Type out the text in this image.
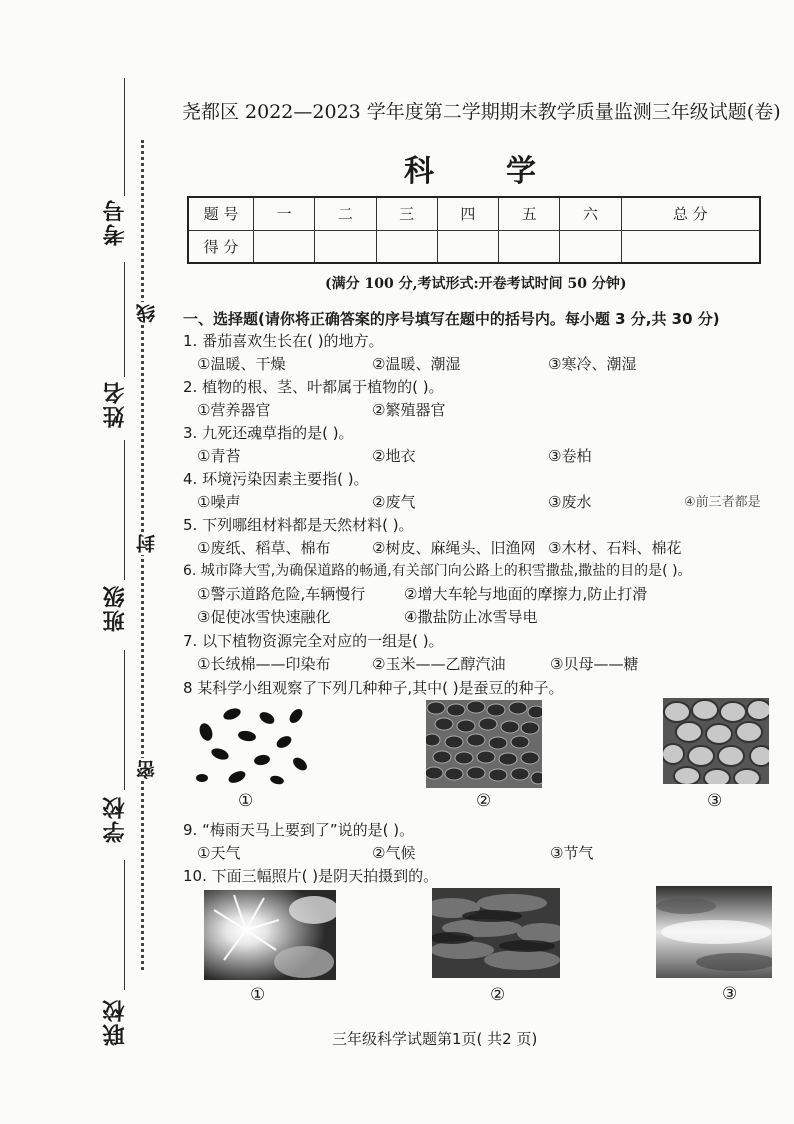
考号
姓名
班级
学校
联校
线
封
密
尧都区 2022—2023 学年度第二学期期末教学质量监测三年级试题(卷)
科学
题 号	一	二	三	四	五	六	总 分
得 分							
(满分 100 分,考试形式:开卷考试时间 50 分钟)
一、选择题(请你将正确答案的序号填写在题中的括号内。每小题 3 分,共 30 分)
1. 番茄喜欢生长在( )的地方。
①温暖、干燥	②温暖、潮湿	③寒冷、潮湿
2. 植物的根、茎、叶都属于植物的( )。
①营养器官	②繁殖器官
3. 九死还魂草指的是( )。
①青苔	②地衣	③卷柏
4. 环境污染因素主要指( )。
①噪声	②废气	③废水	④前三者都是
5. 下列哪组材料都是天然材料( )。
①废纸、稻草、棉布	②树皮、麻绳头、旧渔网 ③木材、石料、棉花
6. 城市降大雪,为确保道路的畅通,有关部门向公路上的积雪撒盐,撒盐的目的是( )。
①警示道路危险,车辆慢行	②增大车轮与地面的摩擦力,防止打滑
③促使冰雪快速融化	④撒盐防止冰雪导电
7. 以下植物资源完全对应的一组是( )。
①长绒棉——印染布	②玉米——乙醇汽油	③贝母——糖
8 某科学小组观察了下列几种种子,其中( )是蚕豆的种子。
①	②	③
9. “梅雨天马上要到了”说的是( )。
①天气	②气候	③节气
10. 下面三幅照片( )是阴天拍摄到的。
①	②	③
三年级科学试题第1页( 共2 页)
